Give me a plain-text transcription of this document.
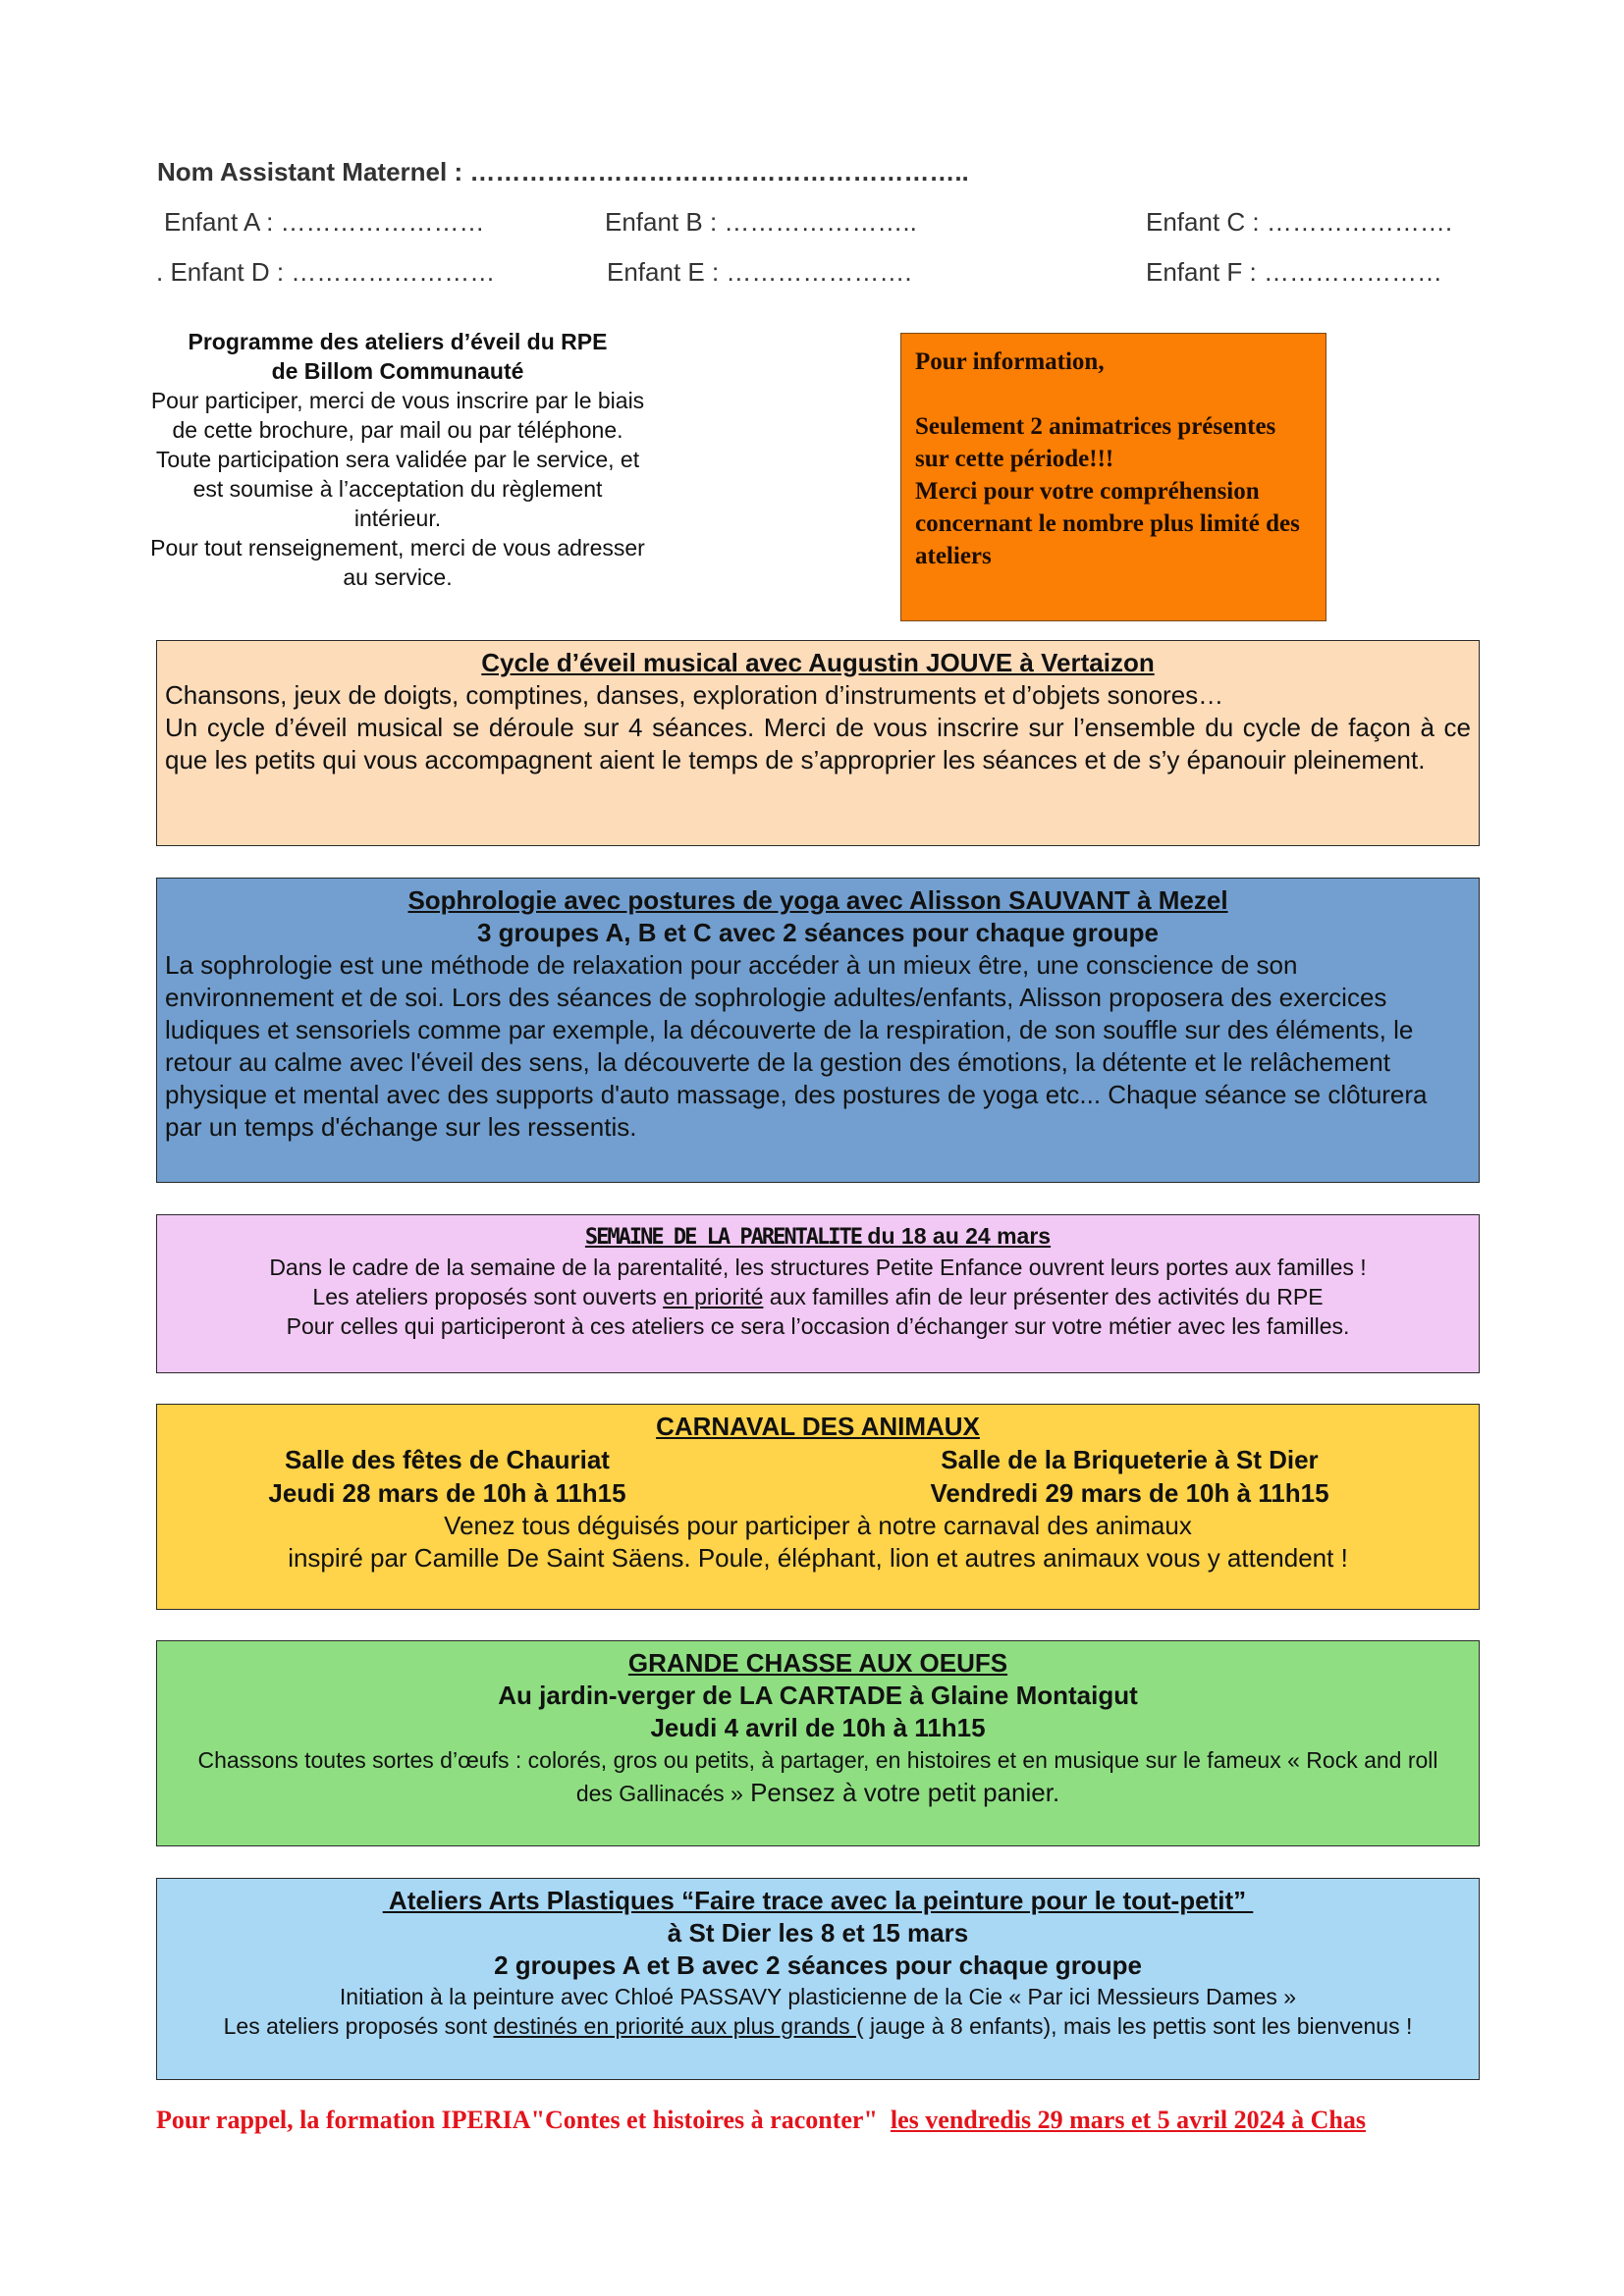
Nom Assistant Maternel : …………………………………………………..
Enfant A : ……………………	Enfant B : …………………..	Enfant C : ………………….
. Enfant D : ……………………	Enfant E : ………………….	Enfant F : …………………
Programme des ateliers d’éveil du RPE
de Billom Communauté
Pour participer, merci de vous inscrire par le biais de cette brochure, par mail ou par téléphone.
Toute participation sera validée par le service, et est soumise à l’acceptation du règlement intérieur.
Pour tout renseignement, merci de vous adresser au service.

Pour information,

Seulement 2 animatrices présentes sur cette période!!!

Merci pour votre compréhension concernant le nombre plus limité des ateliers

Cycle d’éveil musical avec Augustin JOUVE à Vertaizon

Chansons, jeux de doigts, comptines, danses, exploration d’instruments et d’objets sonores…

Un cycle d’éveil musical se déroule sur 4 séances. Merci de vous inscrire sur l’ensemble du cycle de façon à ce que les petits qui vous accompagnent aient le temps de s’approprier les séances et de s’y épanouir pleinement.

Sophrologie avec postures de yoga avec Alisson SAUVANT à Mezel
3 groupes A, B et C avec 2 séances pour chaque groupe

La sophrologie est une méthode de relaxation pour accéder à un mieux être, une conscience de son environnement et de soi. Lors des séances de sophrologie adultes/enfants, Alisson proposera des exercices ludiques et sensoriels comme par exemple, la découverte de la respiration, de son souffle sur des éléments, le retour au calme avec l'éveil des sens, la découverte de la gestion des émotions, la détente et le relâchement physique et mental avec des supports d'auto massage, des postures de yoga etc... Chaque séance se clôturera par un temps d'échange sur les ressentis.

SEMAINE DE LA PARENTALITE du 18 au 24 mars

Dans le cadre de la semaine de la parentalité, les structures Petite Enfance ouvrent leurs portes aux familles !

Les ateliers proposés sont ouverts en priorité aux familles afin de leur présenter des activités du RPE

Pour celles qui participeront à ces ateliers ce sera l’occasion d’échanger sur votre métier avec les familles.

CARNAVAL DES ANIMAUX
Salle des fêtes de Chauriat	Salle de la Briqueterie à St Dier
Jeudi 28 mars de 10h à 11h15	Vendredi 29 mars de 10h à 11h15

Venez tous déguisés pour participer à notre carnaval des animaux

inspiré par Camille De Saint Säens. Poule, éléphant, lion et autres animaux vous y attendent !

GRANDE CHASSE AUX OEUFS
Au jardin-verger de LA CARTADE à Glaine Montaigut
Jeudi 4 avril de 10h à 11h15

Chassons toutes sortes d’œufs : colorés, gros ou petits, à partager, en histoires et en musique sur le fameux « Rock and roll des Gallinacés » Pensez à votre petit panier.

Ateliers Arts Plastiques “Faire trace avec la peinture pour le tout-petit”
à St Dier les 8 et 15 mars
2 groupes A et B avec 2 séances pour chaque groupe

Initiation à la peinture avec Chloé PASSAVY plasticienne de la Cie « Par ici Messieurs Dames »

Les ateliers proposés sont destinés en priorité aux plus grands ( jauge à 8 enfants), mais les pettis sont les bienvenus !

Pour rappel, la formation IPERIA"Contes et histoires à raconter"  les vendredis 29 mars et 5 avril 2024 à Chas
